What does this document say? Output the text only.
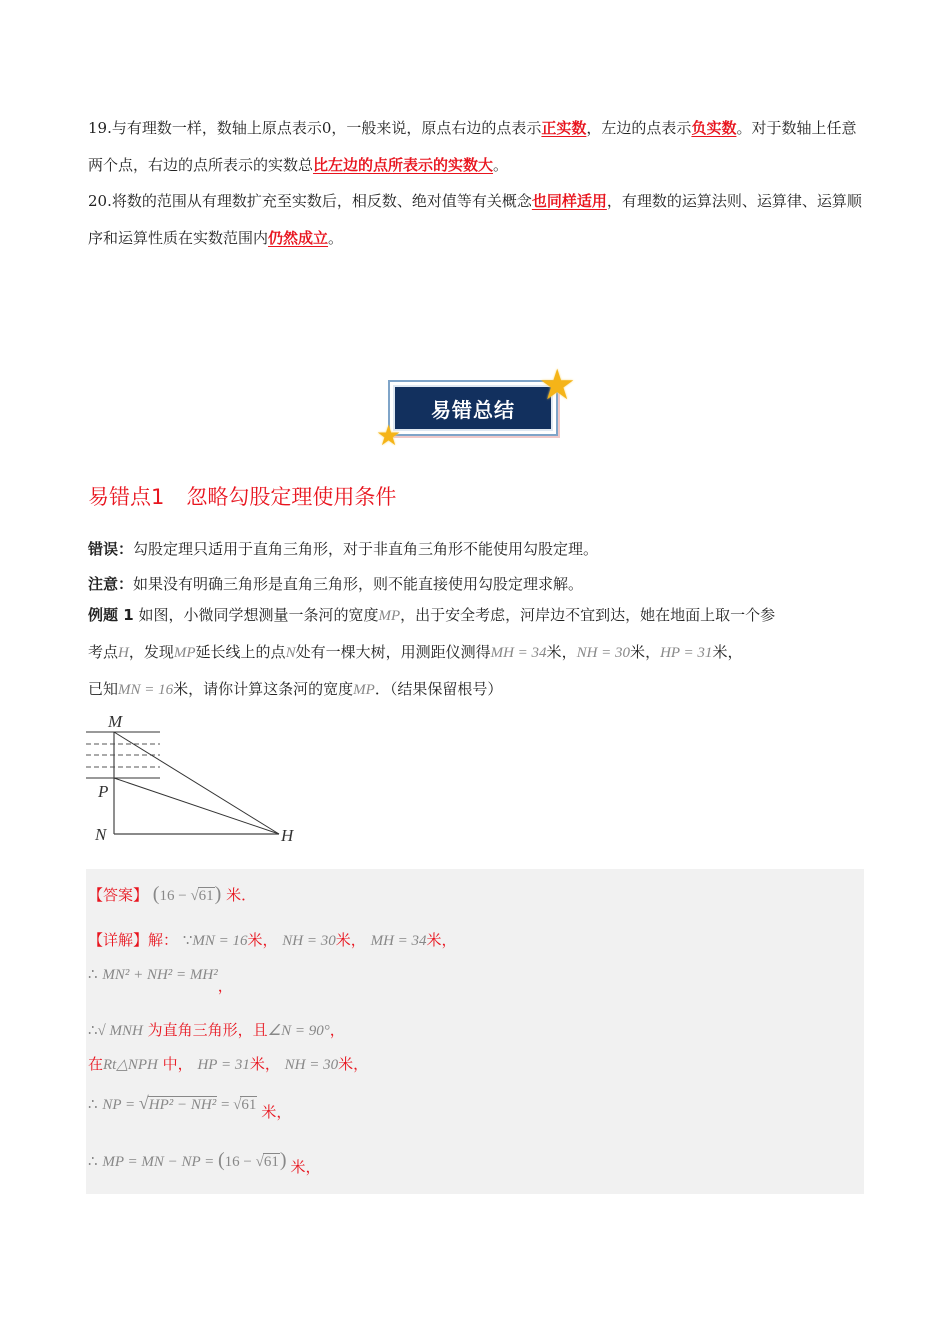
19.与有理数一样，数轴上原点表示0，一般来说，原点右边的点表示正实数，左边的点表示负实数。对于数轴上任意两个点，右边的点所表示的实数总比左边的点所表示的实数大。
20.将数的范围从有理数扩充至实数后，相反数、绝对值等有关概念也同样适用，有理数的运算法则、运算律、运算顺序和运算性质在实数范围内仍然成立。
易错总结
★
★
易错点1 忽略勾股定理使用条件
错误：勾股定理只适用于直角三角形，对于非直角三角形不能使用勾股定理。
注意：如果没有明确三角形是直角三角形，则不能直接使用勾股定理求解。
例题 1 如图，小微同学想测量一条河的宽度MP，出于安全考虑，河岸边不宜到达，她在地面上取一个参
考点H，发现MP延长线上的点N处有一棵大树，用测距仪测得MH = 34米，NH = 30米，HP = 31米，
已知MN = 16米，请你计算这条河的宽度MP．（结果保留根号）
M
P
N	H
【答案】 (16 − √61) 米．
【详解】解： ∵MN = 16米， NH = 30米， MH = 34米，
∴ MN² + NH² = MH²，
∴√ MNH 为直角三角形，且∠N = 90°，
在Rt△NPH 中， HP = 31米， NH = 30米，
∴ NP = √HP² − NH² = √61 米，
∴ MP = MN − NP = (16 − √61) 米，
